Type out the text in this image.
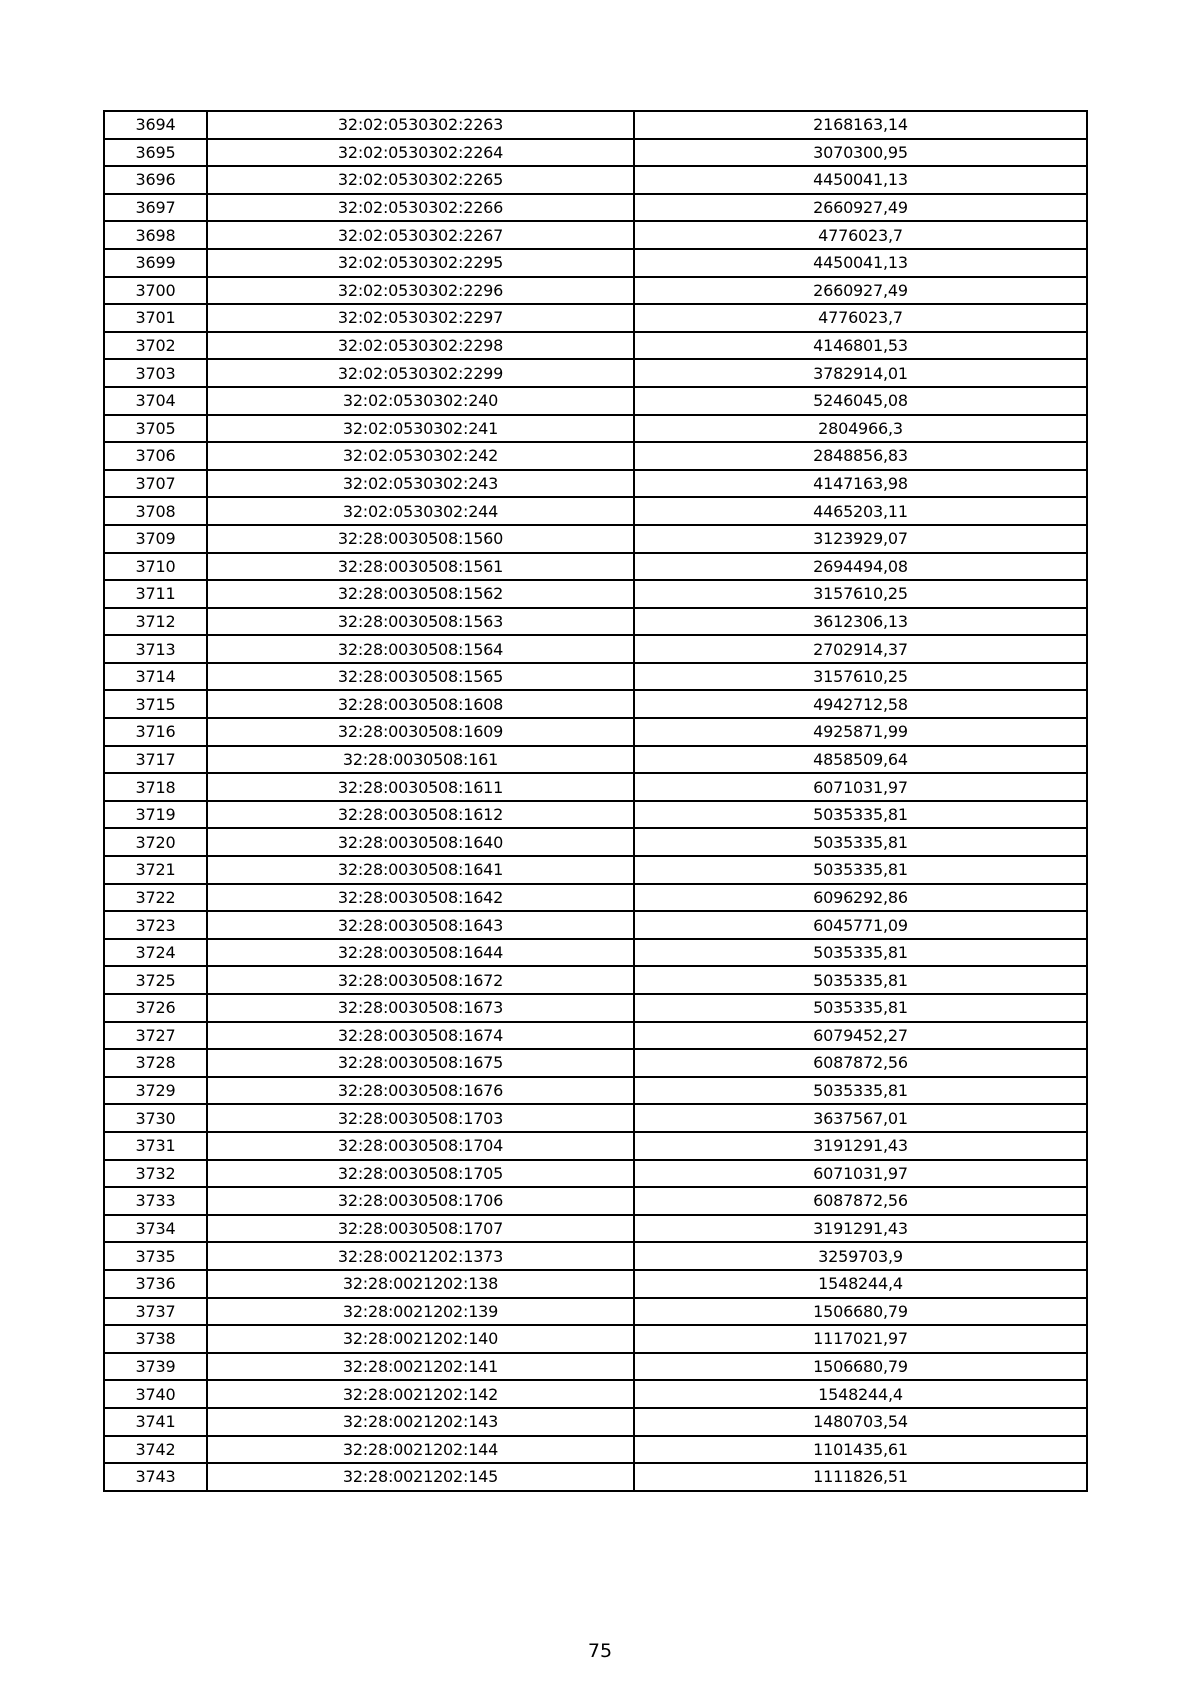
3694	32:02:0530302:2263	2168163,14
3695	32:02:0530302:2264	3070300,95
3696	32:02:0530302:2265	4450041,13
3697	32:02:0530302:2266	2660927,49
3698	32:02:0530302:2267	4776023,7
3699	32:02:0530302:2295	4450041,13
3700	32:02:0530302:2296	2660927,49
3701	32:02:0530302:2297	4776023,7
3702	32:02:0530302:2298	4146801,53
3703	32:02:0530302:2299	3782914,01
3704	32:02:0530302:240	5246045,08
3705	32:02:0530302:241	2804966,3
3706	32:02:0530302:242	2848856,83
3707	32:02:0530302:243	4147163,98
3708	32:02:0530302:244	4465203,11
3709	32:28:0030508:1560	3123929,07
3710	32:28:0030508:1561	2694494,08
3711	32:28:0030508:1562	3157610,25
3712	32:28:0030508:1563	3612306,13
3713	32:28:0030508:1564	2702914,37
3714	32:28:0030508:1565	3157610,25
3715	32:28:0030508:1608	4942712,58
3716	32:28:0030508:1609	4925871,99
3717	32:28:0030508:161	4858509,64
3718	32:28:0030508:1611	6071031,97
3719	32:28:0030508:1612	5035335,81
3720	32:28:0030508:1640	5035335,81
3721	32:28:0030508:1641	5035335,81
3722	32:28:0030508:1642	6096292,86
3723	32:28:0030508:1643	6045771,09
3724	32:28:0030508:1644	5035335,81
3725	32:28:0030508:1672	5035335,81
3726	32:28:0030508:1673	5035335,81
3727	32:28:0030508:1674	6079452,27
3728	32:28:0030508:1675	6087872,56
3729	32:28:0030508:1676	5035335,81
3730	32:28:0030508:1703	3637567,01
3731	32:28:0030508:1704	3191291,43
3732	32:28:0030508:1705	6071031,97
3733	32:28:0030508:1706	6087872,56
3734	32:28:0030508:1707	3191291,43
3735	32:28:0021202:1373	3259703,9
3736	32:28:0021202:138	1548244,4
3737	32:28:0021202:139	1506680,79
3738	32:28:0021202:140	1117021,97
3739	32:28:0021202:141	1506680,79
3740	32:28:0021202:142	1548244,4
3741	32:28:0021202:143	1480703,54
3742	32:28:0021202:144	1101435,61
3743	32:28:0021202:145	1111826,51
75
